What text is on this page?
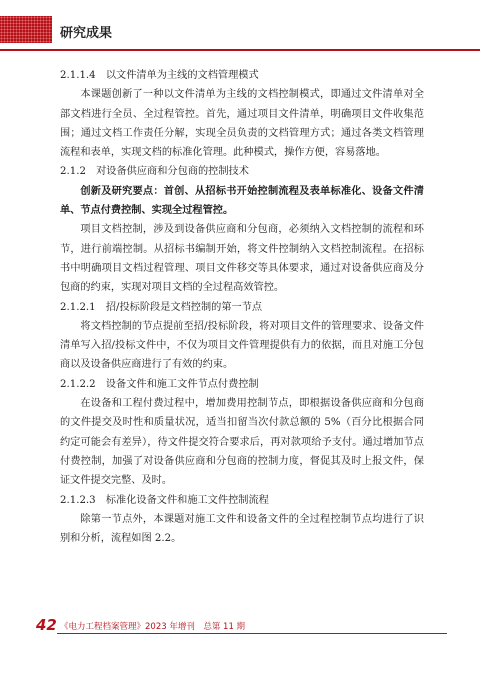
研究成果

2.1.1.4　以文件清单为主线的文档管理模式

本课题创新了一种以文件清单为主线的文档控制模式，即通过文件清单对全部文档进行全员、全过程管控。首先，通过项目文件清单，明确项目文件收集范围；通过文档工作责任分解，实现全员负责的文档管理方式；通过各类文档管理流程和表单，实现文档的标准化管理。此种模式，操作方便，容易落地。

2.1.2　对设备供应商和分包商的控制技术

创新及研究要点：首创、从招标书开始控制流程及表单标准化、设备文件清单、节点付费控制、实现全过程管控。

项目文档控制，涉及到设备供应商和分包商，必须纳入文档控制的流程和环节，进行前端控制。从招标书编制开始，将文件控制纳入文档控制流程。在招标书中明确项目文档过程管理、项目文件移交等具体要求，通过对设备供应商及分包商的约束，实现对项目文档的全过程高效管控。

2.1.2.1　招/投标阶段是文档控制的第一节点

将文档控制的节点提前至招/投标阶段，将对项目文件的管理要求、设备文件清单写入招/投标文件中，不仅为项目文件管理提供有力的依据，而且对施工分包商以及设备供应商进行了有效的约束。

2.1.2.2　设备文件和施工文件节点付费控制

在设备和工程付费过程中，增加费用控制节点，即根据设备供应商和分包商的文件提交及时性和质量状况，适当扣留当次付款总额的 5%（百分比根据合同约定可能会有差异），待文件提交符合要求后，再对款项给予支付。通过增加节点付费控制，加强了对设备供应商和分包商的控制力度，督促其及时上报文件，保证文件提交完整、及时。

2.1.2.3　标准化设备文件和施工文件控制流程

除第一节点外，本课题对施工文件和设备文件的全过程控制节点均进行了识别和分析，流程如图 2.2。

42 《电力工程档案管理》2023 年增刊　总第 11 期
